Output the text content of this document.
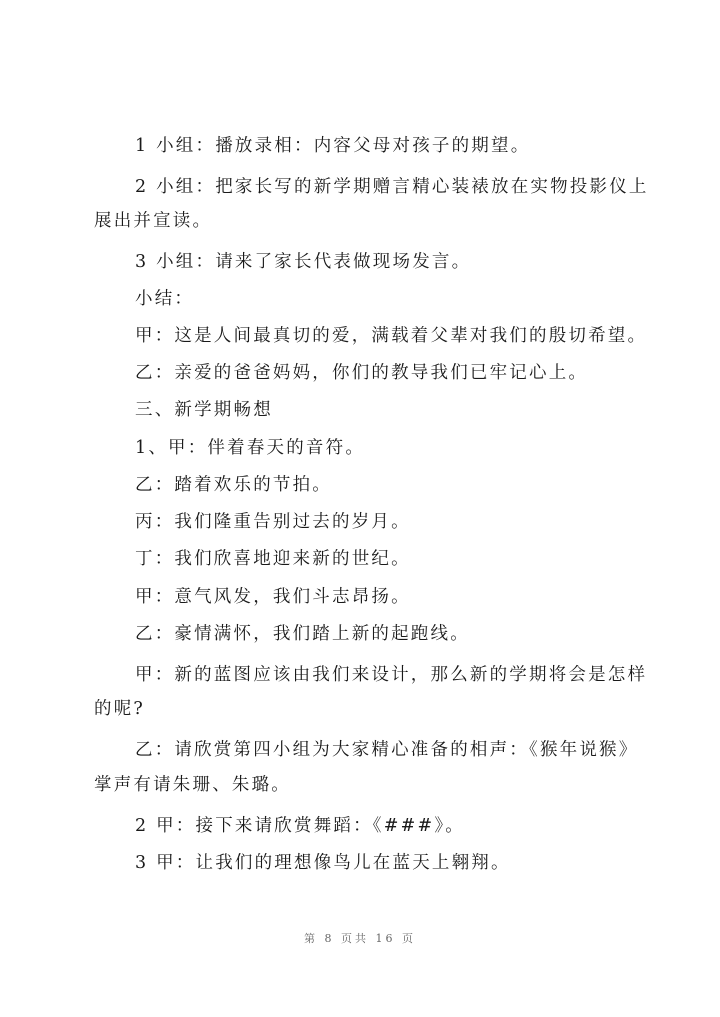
1 小组：播放录相：内容父母对孩子的期望。
2 小组：把家长写的新学期赠言精心装裱放在实物投影仪上
展出并宣读。
3 小组：请来了家长代表做现场发言。
小结：
甲：这是人间最真切的爱，满载着父辈对我们的殷切希望。
乙：亲爱的爸爸妈妈，你们的教导我们已牢记心上。
三、新学期畅想
1、甲：伴着春天的音符。
乙：踏着欢乐的节拍。
丙：我们隆重告别过去的岁月。
丁：我们欣喜地迎来新的世纪。
甲：意气风发，我们斗志昂扬。
乙：豪情满怀，我们踏上新的起跑线。
甲：新的蓝图应该由我们来设计，那么新的学期将会是怎样
的呢?
乙：请欣赏第四小组为大家精心准备的相声：《猴年说猴》
掌声有请朱珊、朱璐。
2 甲：接下来请欣赏舞蹈：《###》。
3 甲：让我们的理想像鸟儿在蓝天上翱翔。
第 8 页共 16 页
